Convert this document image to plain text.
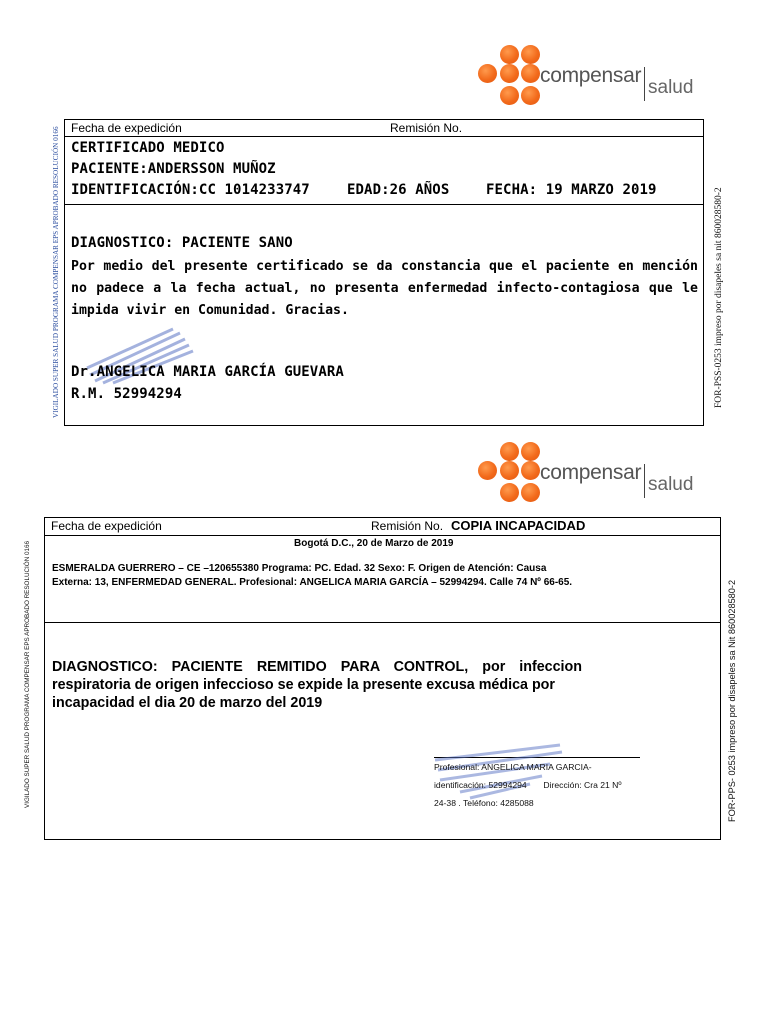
compensar
salud
VIGILADO SUPER SALUD PROGRAMA COMPENSAR EPS APROBADO RESOLUCIÓN 0166	FOR-PSS-0253 impreso por disapeles sa nit 860028580-2
Fecha de expedición	Remisión No.
CERTIFICADO MEDICO
PACIENTE:ANDERSSON MUÑOZ
IDENTIFICACIÓN:CC 1014233747	EDAD:26 AÑOS	FECHA: 19 MARZO 2019
DIAGNOSTICO: PACIENTE SANO
Por medio del presente certificado se da constancia que el paciente en mención no padece a la fecha actual, no presenta enfermedad infecto-contagiosa que le impida vivir en Comunidad. Gracias.
Dr.ANGELICA MARIA GARCÍA GUEVARA
R.M. 52994294
compensar
salud
VIGILADO SUPER SALUD PROGRAMA COMPENSAR EPS APROBADO RESOLUCIÓN 0166	FOR-PPS- 0253 impreso por disapeles sa Nit 860028580-2
Fecha de expedición	Remisión No. COPIA INCAPACIDAD
Bogotá D.C., 20 de Marzo de 2019
ESMERALDA GUERRERO – CE –120655380 Programa: PC. Edad. 32 Sexo: F. Origen de Atención: Causa
Externa: 13, ENFERMEDAD GENERAL. Profesional: ANGELICA MARIA GARCÍA – 52994294. Calle 74 Nº 66-65.
DIAGNOSTICO: PACIENTE REMITIDO PARA CONTROL, por infeccion
respiratoria de origen infeccioso se expide la presente excusa médica por
incapacidad el dia 20 de marzo del 2019
Profesional: ANGELICA MARIA GARCIA-
identificación: 52994294       Dirección: Cra 21 Nº
24-38 . Teléfono: 4285088
